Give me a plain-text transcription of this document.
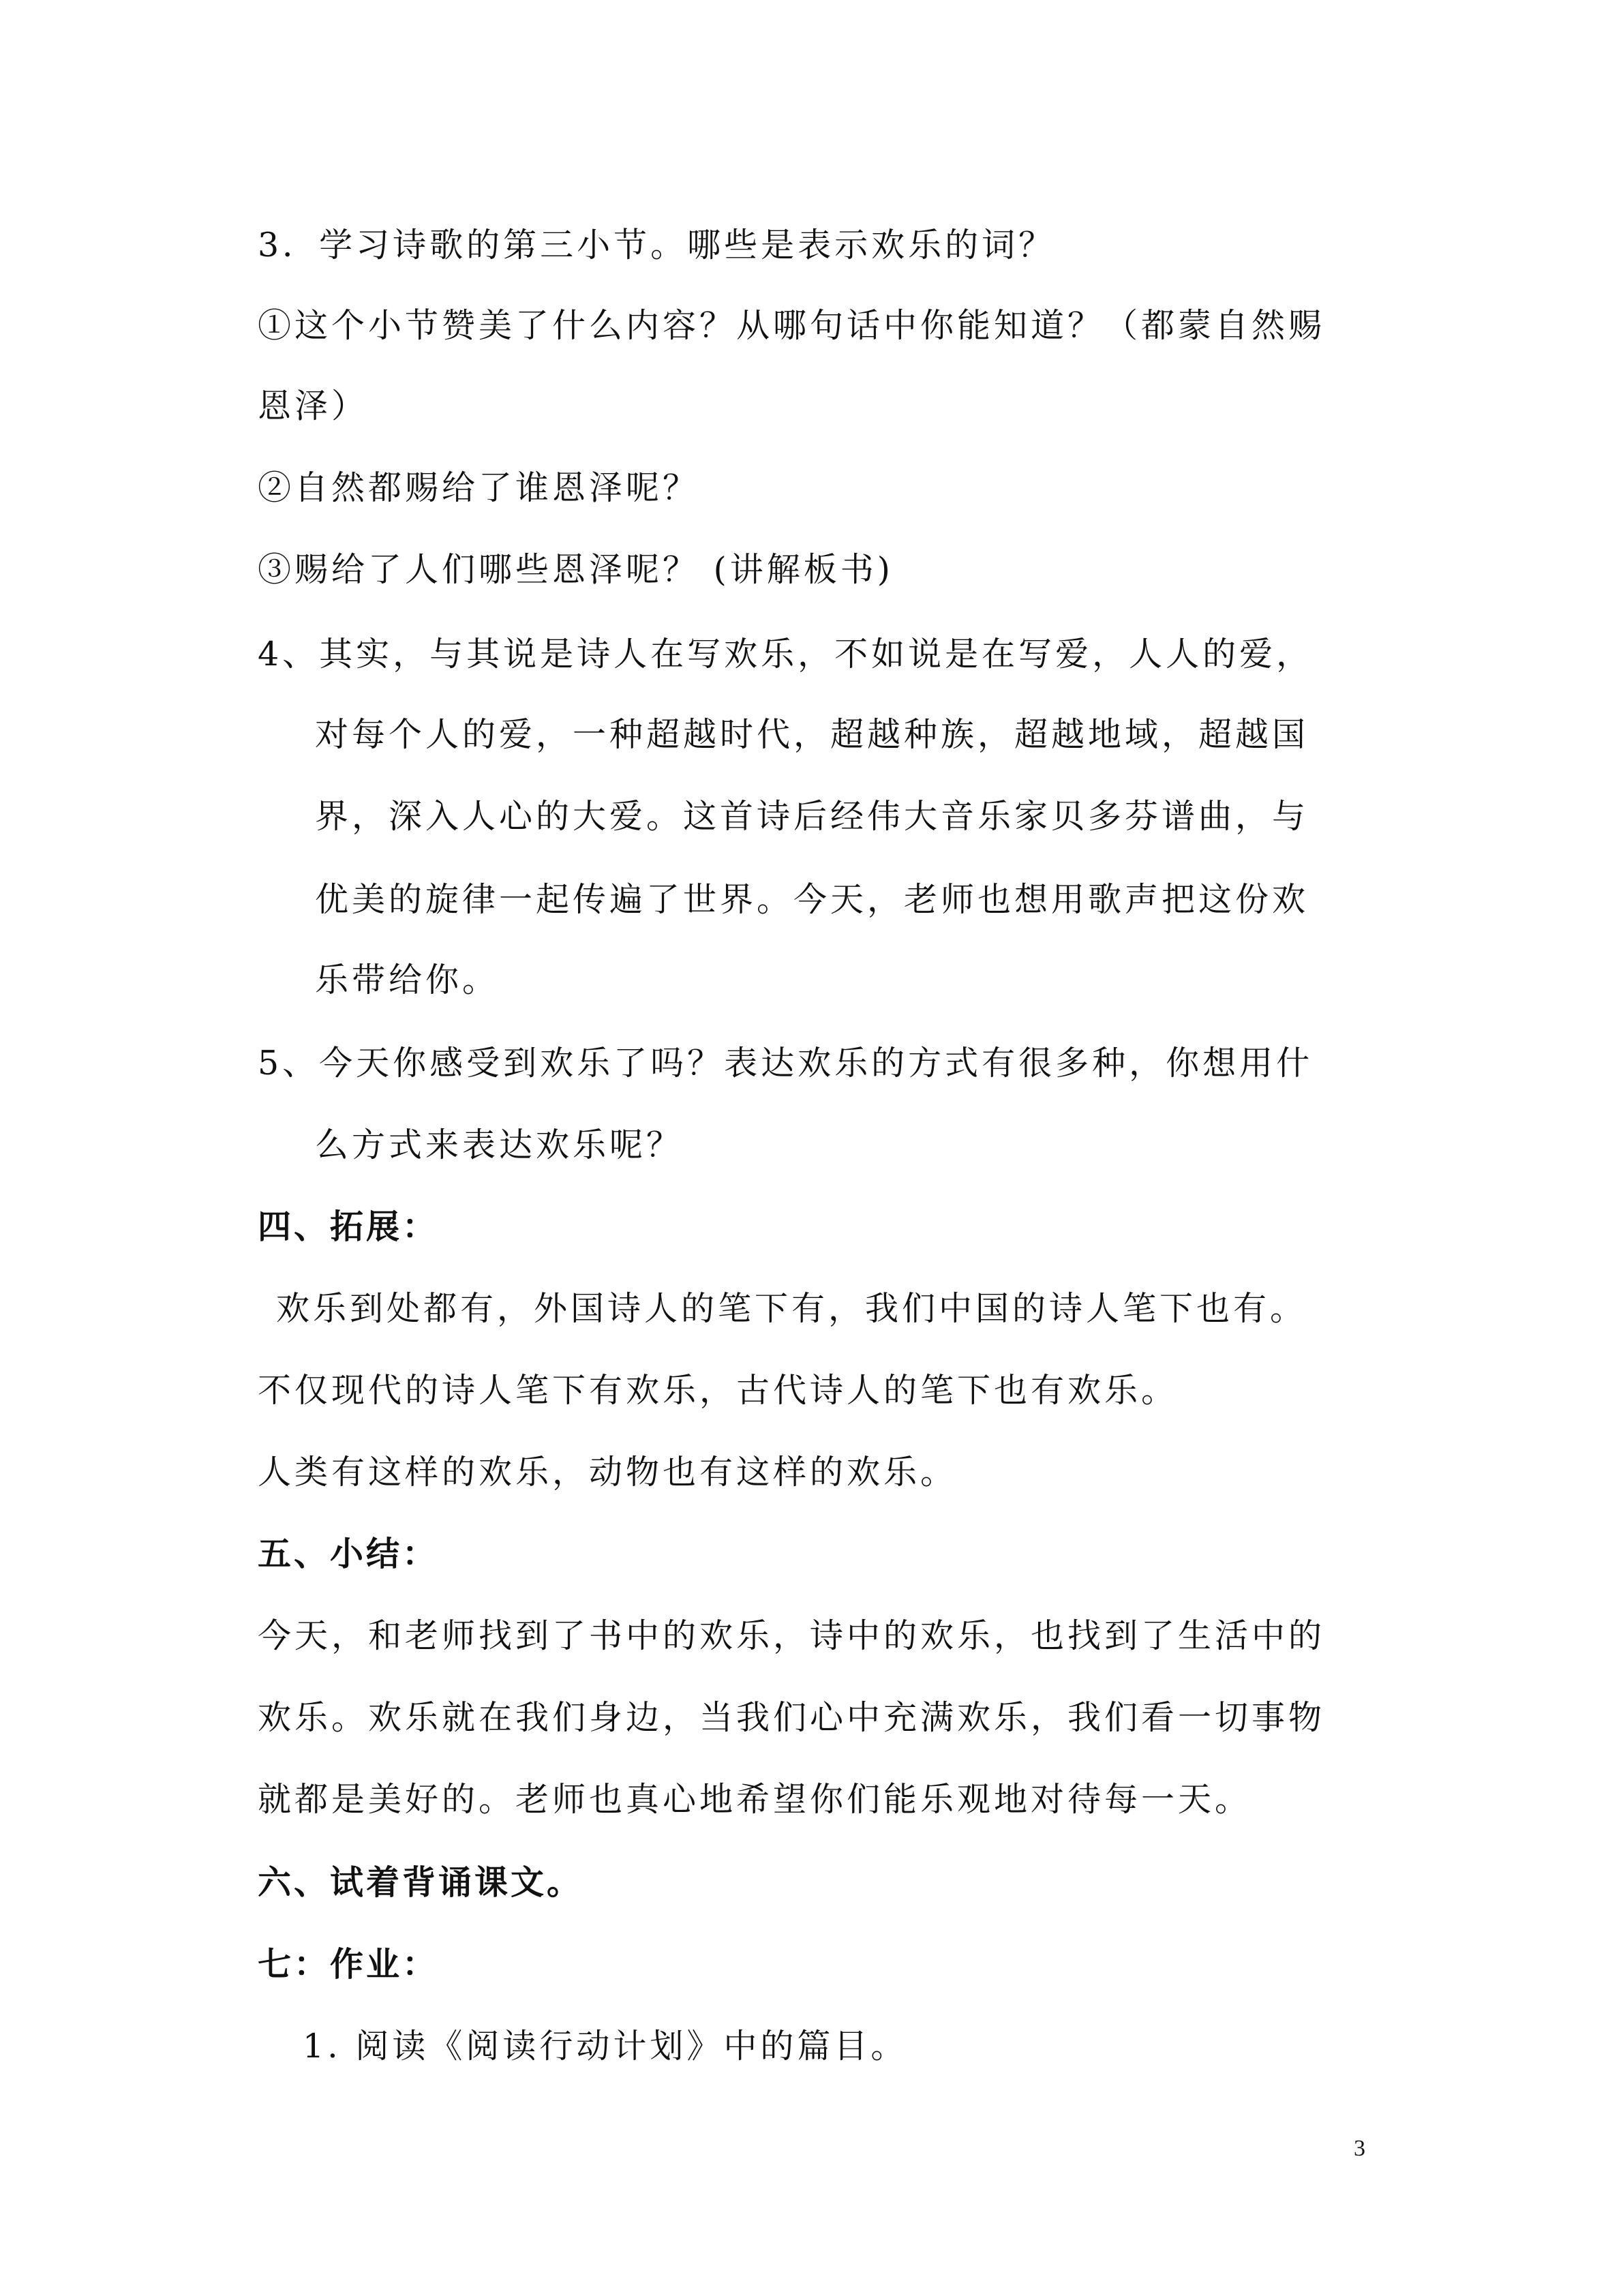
3．学习诗歌的第三小节。哪些是表示欢乐的词？
①这个小节赞美了什么内容？从哪句话中你能知道？（都蒙自然赐
恩泽）
②自然都赐给了谁恩泽呢？
③赐给了人们哪些恩泽呢？ (讲解板书)
4、其实，与其说是诗人在写欢乐，不如说是在写爱，人人的爱，
对每个人的爱，一种超越时代，超越种族，超越地域，超越国
界，深入人心的大爱。这首诗后经伟大音乐家贝多芬谱曲，与
优美的旋律一起传遍了世界。今天，老师也想用歌声把这份欢
乐带给你。
5、今天你感受到欢乐了吗？表达欢乐的方式有很多种，你想用什
么方式来表达欢乐呢？
四、拓展：
欢乐到处都有，外国诗人的笔下有，我们中国的诗人笔下也有。
不仅现代的诗人笔下有欢乐，古代诗人的笔下也有欢乐。
人类有这样的欢乐，动物也有这样的欢乐。
五、小结：
今天，和老师找到了书中的欢乐，诗中的欢乐，也找到了生活中的
欢乐。欢乐就在我们身边，当我们心中充满欢乐，我们看一切事物
就都是美好的。老师也真心地希望你们能乐观地对待每一天。
六、试着背诵课文。
七：作业：
1. 阅读《阅读行动计划》中的篇目。
3
